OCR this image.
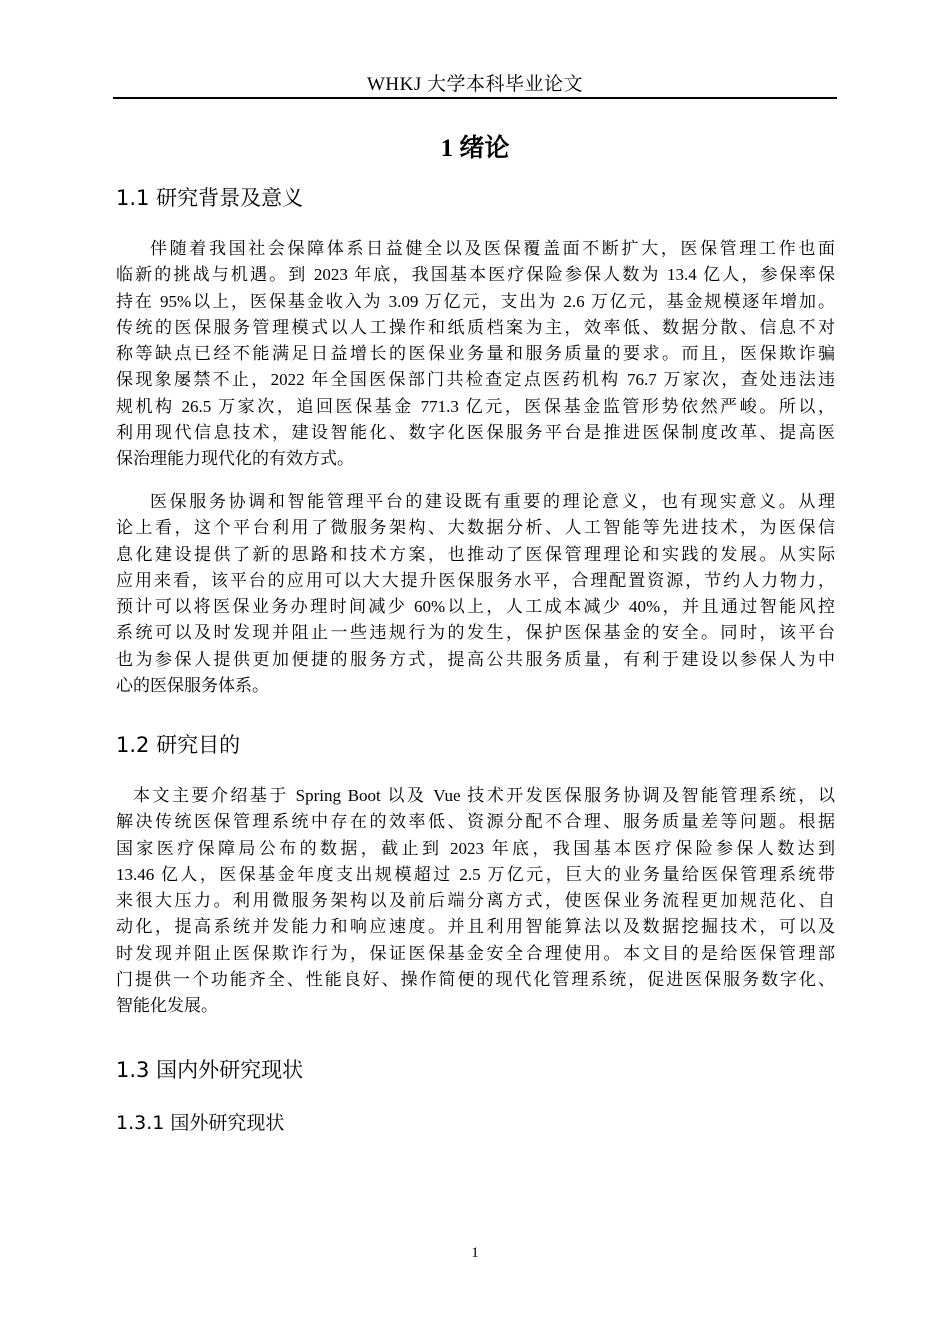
WHKJ 大学本科毕业论文
1 绪论
1.1 研究背景及意义
伴随着我国社会保障体系日益健全以及医保覆盖面不断扩大，医保管理工作也面
临新的挑战与机遇。到 2023 年底，我国基本医疗保险参保人数为 13.4 亿人，参保率保
持在 95%以上，医保基金收入为 3.09 万亿元，支出为 2.6 万亿元，基金规模逐年增加。
传统的医保服务管理模式以人工操作和纸质档案为主，效率低、数据分散、信息不对
称等缺点已经不能满足日益增长的医保业务量和服务质量的要求。而且，医保欺诈骗
保现象屡禁不止，2022 年全国医保部门共检查定点医药机构 76.7 万家次，查处违法违
规机构 26.5 万家次，追回医保基金 771.3 亿元，医保基金监管形势依然严峻。所以，
利用现代信息技术，建设智能化、数字化医保服务平台是推进医保制度改革、提高医
保治理能力现代化的有效方式。
医保服务协调和智能管理平台的建设既有重要的理论意义，也有现实意义。从理
论上看，这个平台利用了微服务架构、大数据分析、人工智能等先进技术，为医保信
息化建设提供了新的思路和技术方案，也推动了医保管理理论和实践的发展。从实际
应用来看，该平台的应用可以大大提升医保服务水平，合理配置资源，节约人力物力，
预计可以将医保业务办理时间减少 60%以上，人工成本减少 40%，并且通过智能风控
系统可以及时发现并阻止一些违规行为的发生，保护医保基金的安全。同时，该平台
也为参保人提供更加便捷的服务方式，提高公共服务质量，有利于建设以参保人为中
心的医保服务体系。
1.2 研究目的
本文主要介绍基于 Spring Boot 以及 Vue 技术开发医保服务协调及智能管理系统，以
解决传统医保管理系统中存在的效率低、资源分配不合理、服务质量差等问题。根据
国家医疗保障局公布的数据，截止到 2023 年底，我国基本医疗保险参保人数达到
13.46 亿人，医保基金年度支出规模超过 2.5 万亿元，巨大的业务量给医保管理系统带
来很大压力。利用微服务架构以及前后端分离方式，使医保业务流程更加规范化、自
动化，提高系统并发能力和响应速度。并且利用智能算法以及数据挖掘技术，可以及
时发现并阻止医保欺诈行为，保证医保基金安全合理使用。本文目的是给医保管理部
门提供一个功能齐全、性能良好、操作简便的现代化管理系统，促进医保服务数字化、
智能化发展。
1.3 国内外研究现状
1.3.1 国外研究现状
1
